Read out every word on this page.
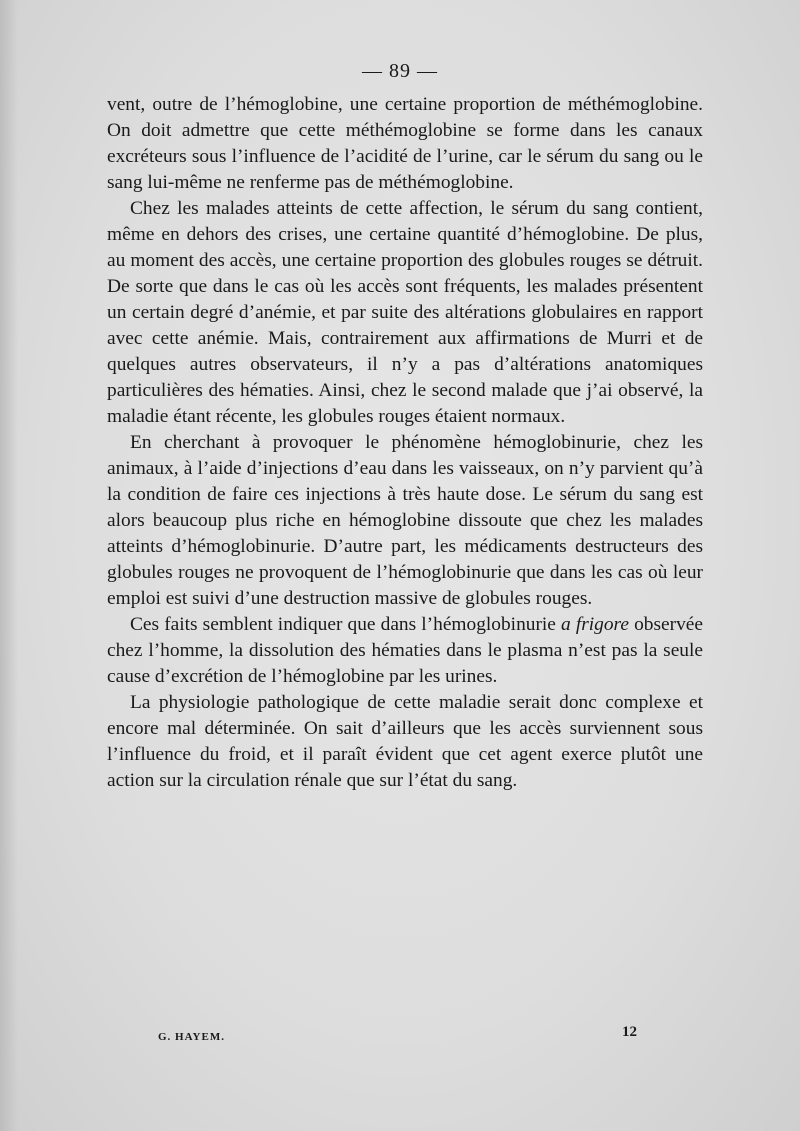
— 89 —

vent, outre de l’hémoglobine, une certaine proportion de méthémoglobine. On doit admettre que cette méthémoglobine se forme dans les canaux excréteurs sous l’influence de l’acidité de l’urine, car le sérum du sang ou le sang lui-même ne renferme pas de méthémoglobine.

Chez les malades atteints de cette affection, le sérum du sang contient, même en dehors des crises, une certaine quantité d’hémoglobine. De plus, au moment des accès, une certaine proportion des globules rouges se détruit. De sorte que dans le cas où les accès sont fréquents, les malades présentent un certain degré d’anémie, et par suite des altérations globulaires en rapport avec cette anémie. Mais, contrairement aux affirmations de Murri et de quelques autres observateurs, il n’y a pas d’altérations anatomiques particulières des hématies. Ainsi, chez le second malade que j’ai observé, la maladie étant récente, les globules rouges étaient normaux.

En cherchant à provoquer le phénomène hémoglobinurie, chez les animaux, à l’aide d’injections d’eau dans les vaisseaux, on n’y parvient qu’à la condition de faire ces injections à très haute dose. Le sérum du sang est alors beaucoup plus riche en hémoglobine dissoute que chez les malades atteints d’hémoglobinurie. D’autre part, les médicaments destructeurs des globules rouges ne provoquent de l’hémoglobinurie que dans les cas où leur emploi est suivi d’une destruction massive de globules rouges.

Ces faits semblent indiquer que dans l’hémoglobinurie a frigore observée chez l’homme, la dissolution des hématies dans le plasma n’est pas la seule cause d’excrétion de l’hémoglobine par les urines.

La physiologie pathologique de cette maladie serait donc complexe et encore mal déterminée. On sait d’ailleurs que les accès surviennent sous l’influence du froid, et il paraît évident que cet agent exerce plutôt une action sur la circulation rénale que sur l’état du sang.

G. HAYEM.	12
